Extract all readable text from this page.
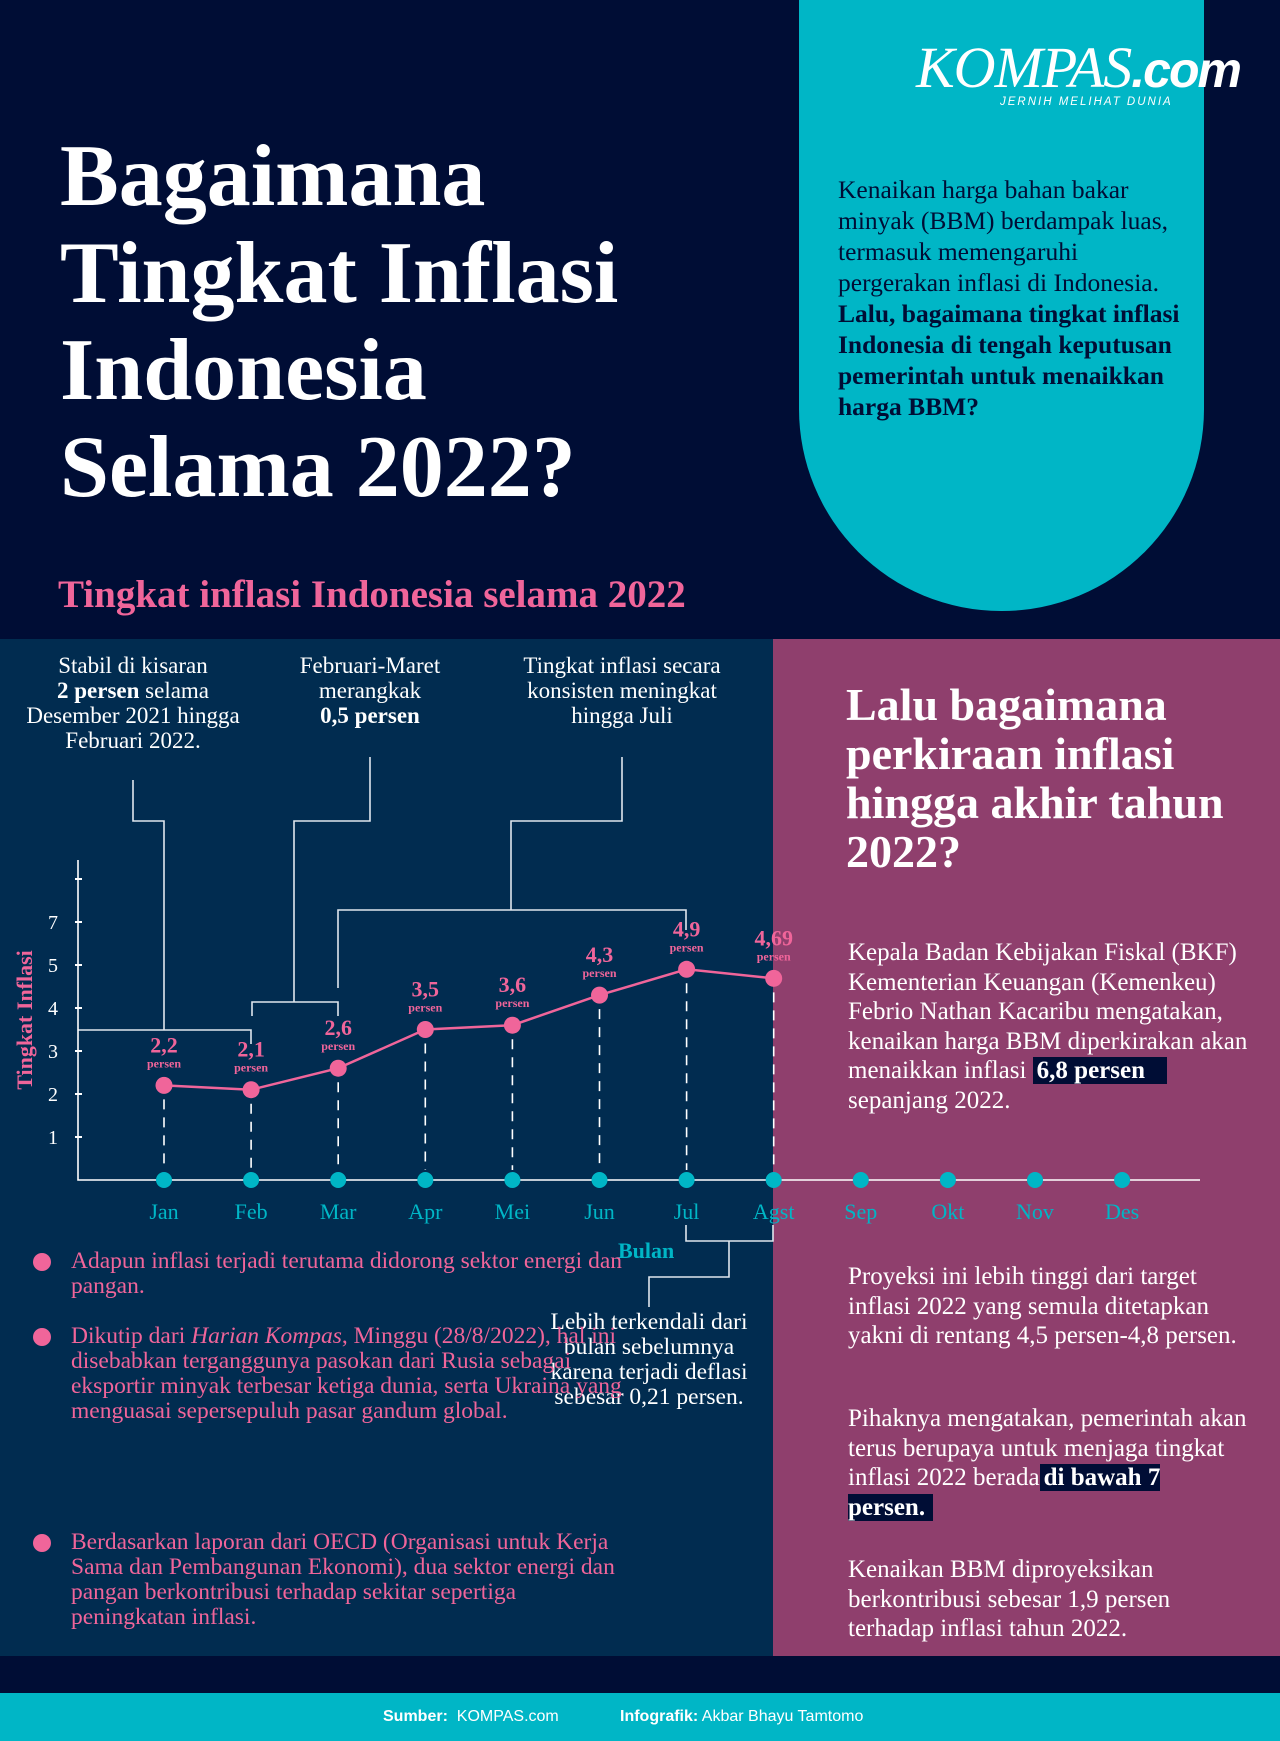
KOMPAS.com
JERNIH MELIHAT DUNIA
Bagaimana
Tingkat Inflasi
Indonesia
Selama 2022?
Kenaikan harga bahan bakar minyak (BBM) berdampak luas, termasuk memengaruhi pergerakan inflasi di Indonesia. Lalu, bagaimana tingkat inflasi Indonesia di tengah keputusan pemerintah untuk menaikkan harga BBM?
Tingkat inflasi Indonesia selama 2022
1
2
3
4
5
7
Jan	Feb Mar Apr Mei Jun	Jul Agst Sep Okt Nov Des
2,2
persen
2,1
persen
2,6
persen
3,5
persen
3,6
persen
4,3
persen
4,9
persen 4,69
persen
Tingkat Inflasi
Stabil di kisaran
2 persen selama Desember 2021 hingga Februari 2022.
Februari-Maret merangkak
0,5 persen
Tingkat inflasi secara konsisten meningkat hingga Juli
Bulan
Lebih terkendali dari bulan sebelumnya karena terjadi deflasi sebesar 0,21 persen.
Adapun inflasi terjadi terutama didorong sektor energi dan pangan.
Dikutip dari Harian Kompas, Minggu (28/8/2022), hal ini disebabkan terganggunya pasokan dari Rusia sebagai eksportir minyak terbesar ketiga dunia, serta Ukraina yang menguasai sepersepuluh pasar gandum global.
Berdasarkan laporan dari OECD (Organisasi untuk Kerja Sama dan Pembangunan Ekonomi), dua sektor energi dan pangan berkontribusi terhadap sekitar sepertiga peningkatan inflasi.
Lalu bagaimana perkiraan inflasi hingga akhir tahun 2022?
Kepala Badan Kebijakan Fiskal (BKF) Kementerian Keuangan (Kemenkeu) Febrio Nathan Kacaribu mengatakan, kenaikan harga BBM diperkirakan akan menaikkan inflasi 6,8 persen
sepanjang 2022.
Proyeksi ini lebih tinggi dari target inflasi 2022 yang semula ditetapkan yakni di rentang 4,5 persen-4,8 persen.
Pihaknya mengatakan, pemerintah akan terus berupaya untuk menjaga tingkat inflasi 2022 berada di bawah 7 persen.
Kenaikan BBM diproyeksikan berkontribusi sebesar 1,9 persen terhadap inflasi tahun 2022.
Sumber: KOMPAS.com	Infografik: Akbar Bhayu Tamtomo
